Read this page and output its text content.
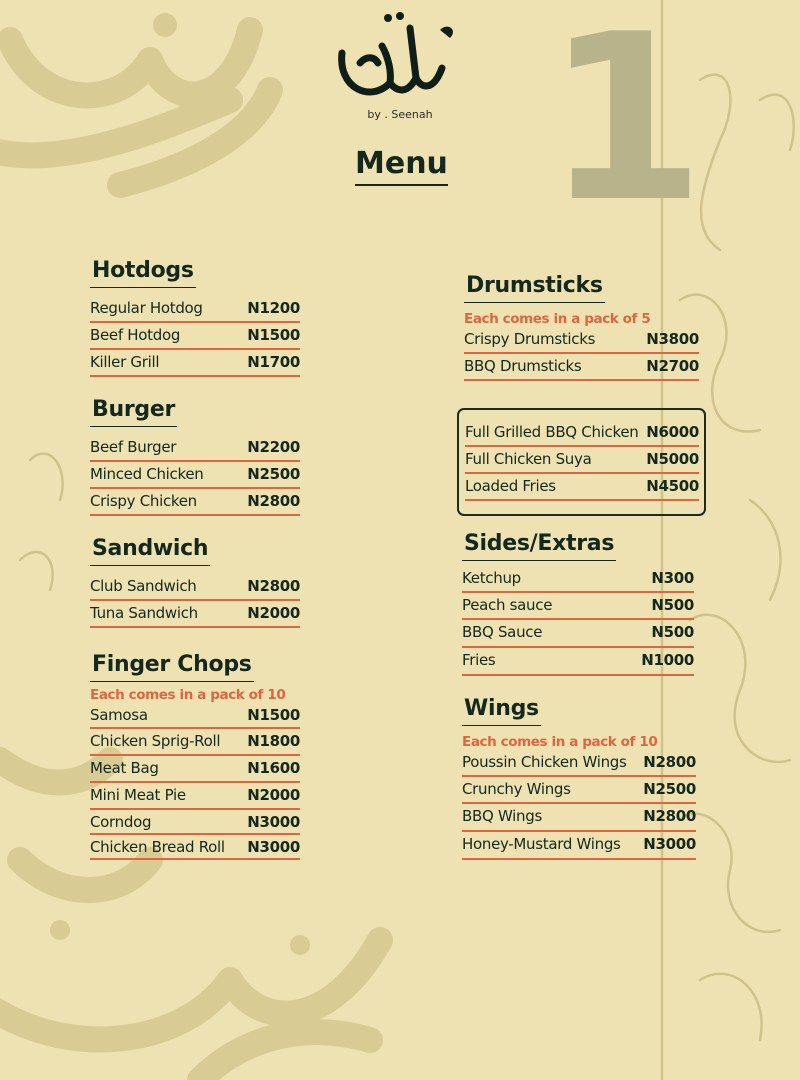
1
by . Seenah
Menu
Hotdogs
Regular Hotdog	N1200
Beef Hotdog	N1500
Killer Grill	N1700
Burger
Beef Burger	N2200
Minced Chicken	N2500
Crispy Chicken	N2800
Sandwich
Club Sandwich	N2800
Tuna Sandwich	N2000
Finger Chops
Each comes in a pack of 10
Samosa	N1500
Chicken Sprig-Roll N1800
Meat Bag	N1600
Mini Meat Pie	N2000
Corndog	N3000
Chicken Bread Roll N3000
Drumsticks
Each comes in a pack of 5
Crispy Drumsticks	N3800
BBQ Drumsticks	N2700
Full Grilled BBQ Chicken N6000
Full Chicken Suya	N5000
Loaded Fries	N4500
Sides/Extras
Ketchup	N300
Peach sauce	N500
BBQ Sauce	N500
Fries	N1000
Wings
Each comes in a pack of 10
Poussin Chicken Wings N2800
Crunchy Wings	N2500
BBQ Wings	N2800
Honey-Mustard Wings N3000
